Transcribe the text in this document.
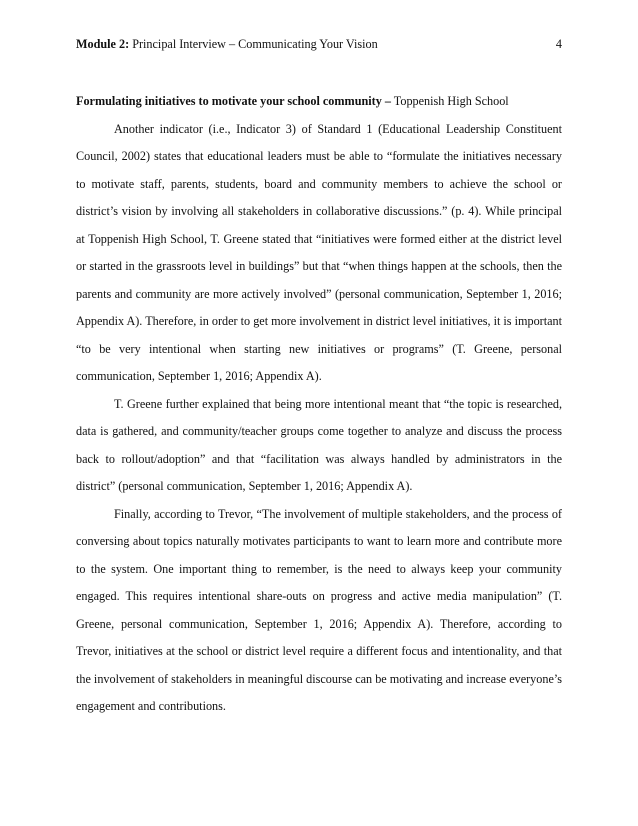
Module 2: Principal Interview – Communicating Your Vision	4

Formulating initiatives to motivate your school community – Toppenish High School

Another indicator (i.e., Indicator 3) of Standard 1 (Educational Leadership Constituent Council, 2002) states that educational leaders must be able to “formulate the initiatives necessary to motivate staff, parents, students, board and community members to achieve the school or district’s vision by involving all stakeholders in collaborative discussions.” (p. 4). While principal at Toppenish High School, T. Greene stated that “initiatives were formed either at the district level or started in the grassroots level in buildings” but that “when things happen at the schools, then the parents and community are more actively involved” (personal communication, September 1, 2016; Appendix A). Therefore, in order to get more involvement in district level initiatives, it is important “to be very intentional when starting new initiatives or programs” (T. Greene, personal communication, September 1, 2016; Appendix A).

T. Greene further explained that being more intentional meant that “the topic is researched, data is gathered, and community/teacher groups come together to analyze and discuss the process back to rollout/adoption” and that “facilitation was always handled by administrators in the district” (personal communication, September 1, 2016; Appendix A).

Finally, according to Trevor, “The involvement of multiple stakeholders, and the process of conversing about topics naturally motivates participants to want to learn more and contribute more to the system. One important thing to remember, is the need to always keep your community engaged. This requires intentional share-outs on progress and active media manipulation” (T. Greene, personal communication, September 1, 2016; Appendix A). Therefore, according to Trevor, initiatives at the school or district level require a different focus and intentionality, and that the involvement of stakeholders in meaningful discourse can be motivating and increase everyone’s engagement and contributions.
